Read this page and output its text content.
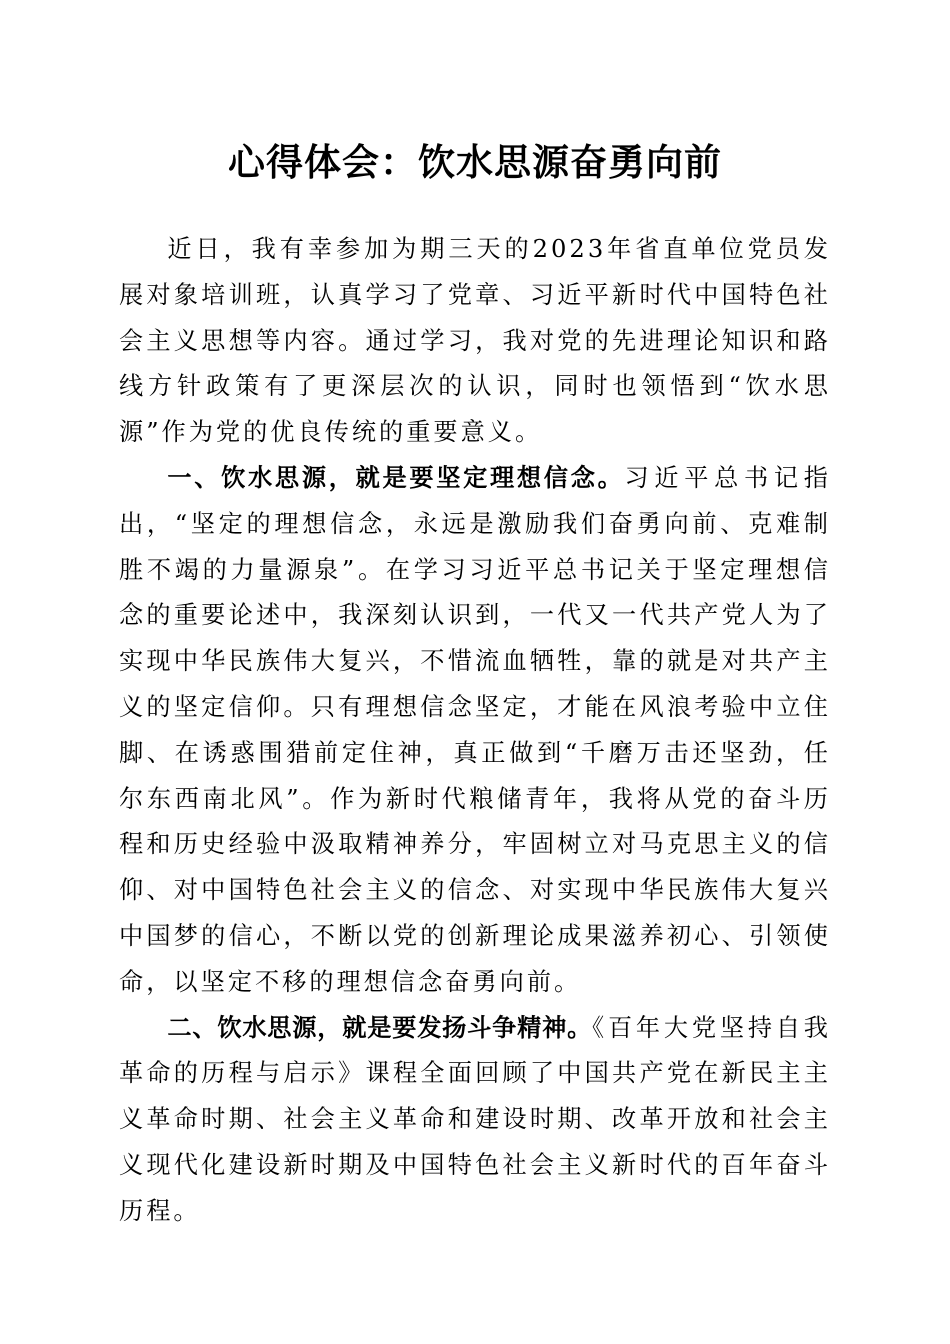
心得体会：饮水思源奋勇向前

近日，我有幸参加为期三天的2023年省直单位党员发展对象培训班，认真学习了党章、习近平新时代中国特色社会主义思想等内容。通过学习，我对党的先进理论知识和路线方针政策有了更深层次的认识，同时也领悟到“饮水思源”作为党的优良传统的重要意义。

一、饮水思源，就是要坚定理想信念。习近平总书记指出，“坚定的理想信念，永远是激励我们奋勇向前、克难制胜不竭的力量源泉”。在学习习近平总书记关于坚定理想信念的重要论述中，我深刻认识到，一代又一代共产党人为了实现中华民族伟大复兴，不惜流血牺牲，靠的就是对共产主义的坚定信仰。只有理想信念坚定，才能在风浪考验中立住脚、在诱惑围猎前定住神，真正做到“千磨万击还坚劲，任尔东西南北风”。作为新时代粮储青年，我将从党的奋斗历程和历史经验中汲取精神养分，牢固树立对马克思主义的信仰、对中国特色社会主义的信念、对实现中华民族伟大复兴中国梦的信心，不断以党的创新理论成果滋养初心、引领使命，以坚定不移的理想信念奋勇向前。

二、饮水思源，就是要发扬斗争精神。《百年大党坚持自我革命的历程与启示》课程全面回顾了中国共产党在新民主主义革命时期、社会主义革命和建设时期、改革开放和社会主义现代化建设新时期及中国特色社会主义新时代的百年奋斗历程。
